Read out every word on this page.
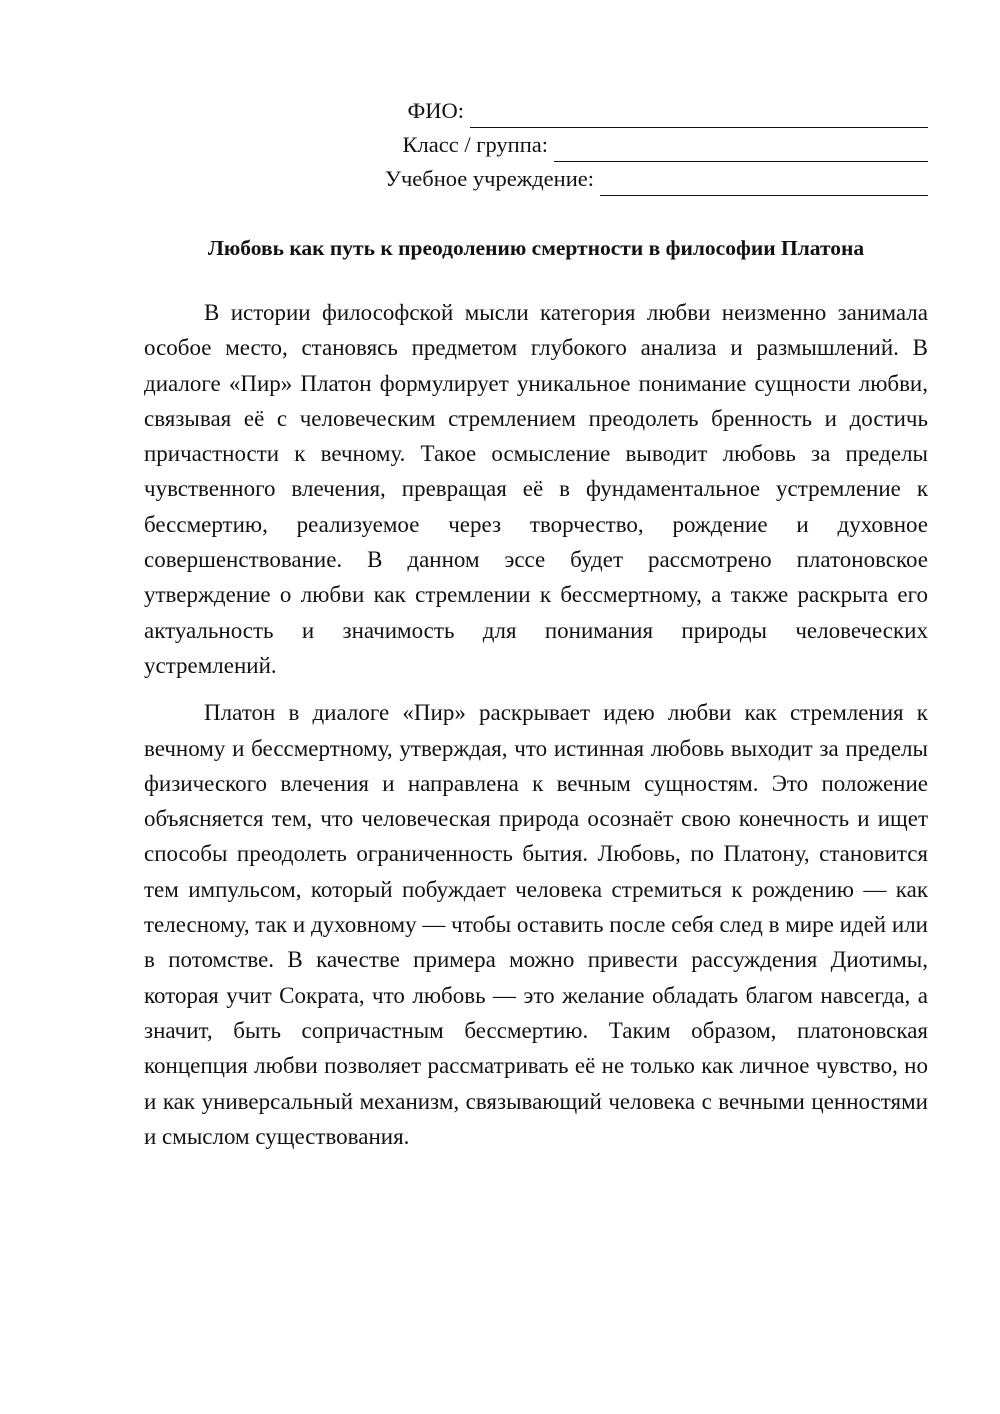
ФИО:
Класс / группа:
Учебное учреждение:
Любовь как путь к преодолению смертности в философии Платона

В истории философской мысли категория любви неизменно занимала особое место, становясь предметом глубокого анализа и размышлений. В диалоге «Пир» Платон формулирует уникальное понимание сущности любви, связывая её с человеческим стремлением преодолеть бренность и достичь причастности к вечному. Такое осмысление выводит любовь за пределы чувственного влечения, превращая её в фундаментальное устремление к бессмертию, реализуемое через творчество, рождение и духовное совершенствование. В данном эссе будет рассмотрено платоновское утверждение о любви как стремлении к бессмертному, а также раскрыта его актуальность и значимость для понимания природы человеческих устремлений.

Платон в диалоге «Пир» раскрывает идею любви как стремления к вечному и бессмертному, утверждая, что истинная любовь выходит за пределы физического влечения и направлена к вечным сущностям. Это положение объясняется тем, что человеческая природа осознаёт свою конечность и ищет способы преодолеть ограниченность бытия. Любовь, по Платону, становится тем импульсом, который побуждает человека стремиться к рождению — как телесному, так и духовному — чтобы оставить после себя след в мире идей или в потомстве. В качестве примера можно привести рассуждения Диотимы, которая учит Сократа, что любовь — это желание обладать благом навсегда, а значит, быть сопричастным бессмертию. Таким образом, платоновская концепция любви позволяет рассматривать её не только как личное чувство, но и как универсальный механизм, связывающий человека с вечными ценностями и смыслом существования.
